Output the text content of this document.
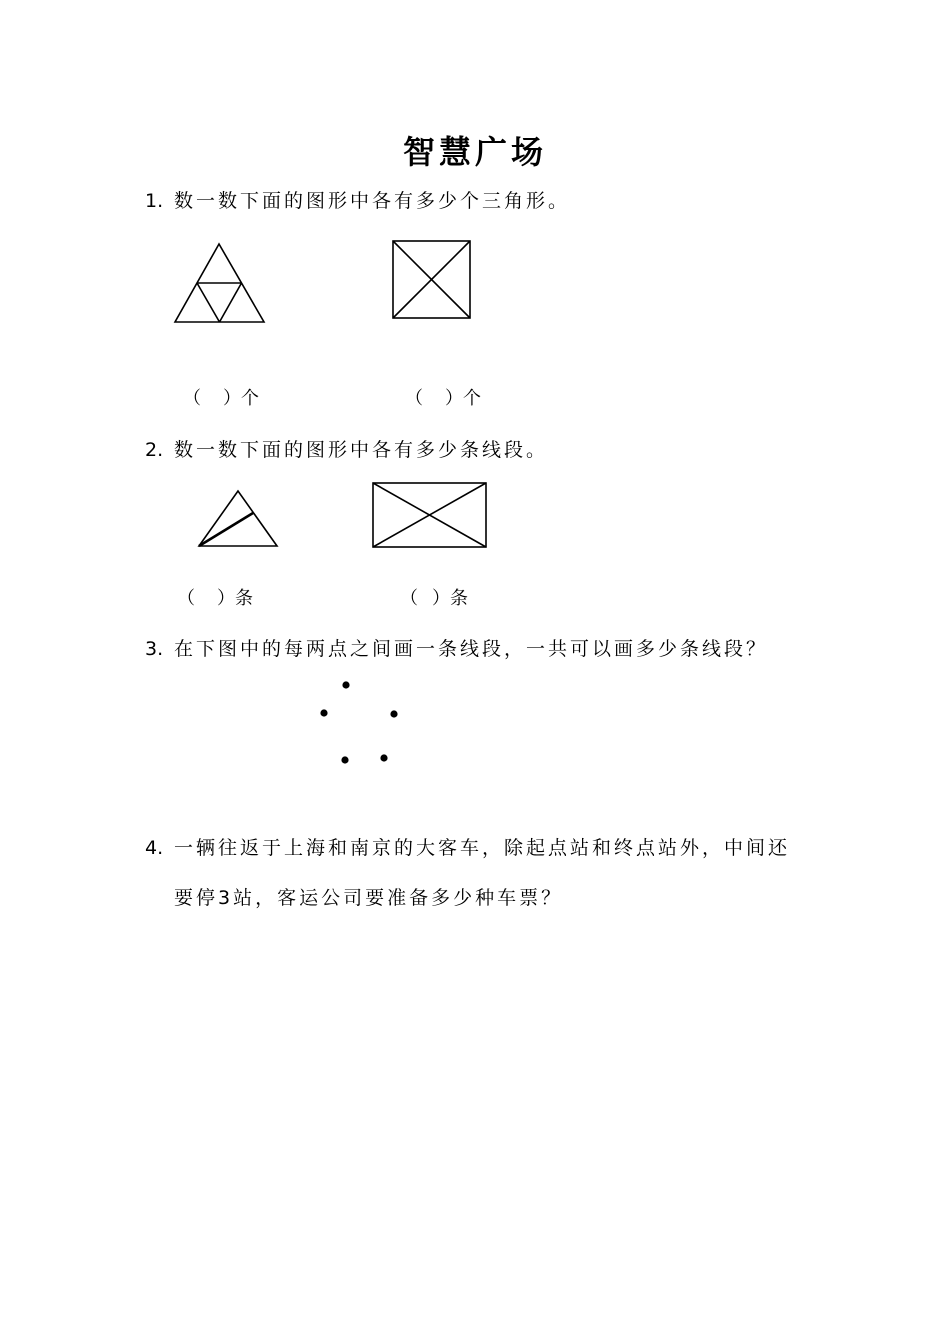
智慧广场
1. 数一数下面的图形中各有多少个三角形。
（ ）个	（ ）个
2. 数一数下面的图形中各有多少条线段。
（ ）条	（ ）条
3. 在下图中的每两点之间画一条线段，一共可以画多少条线段？
4. 一辆往返于上海和南京的大客车，除起点站和终点站外，中间还
要停3站，客运公司要准备多少种车票？
